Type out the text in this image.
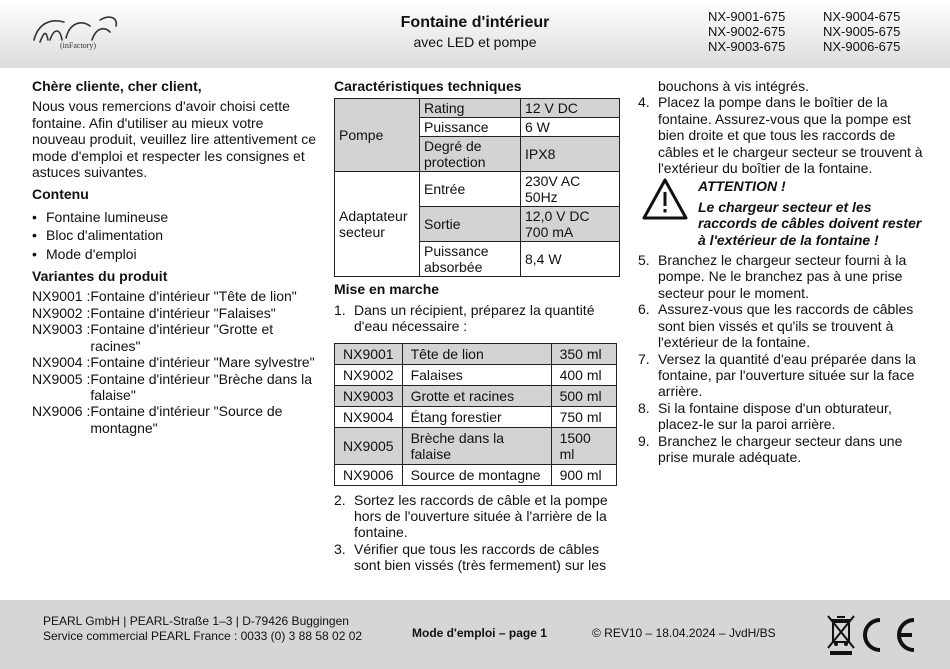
(inFactory)
Fontaine d'intérieur
avec LED et pompe
NX-9001-675	NX-9004-675
NX-9002-675	NX-9005-675
NX-9003-675	NX-9006-675
Chère cliente, cher client,

Nous vous remercions d'avoir choisi cette fontaine. Afin d'utiliser au mieux votre nouveau produit, veuillez lire attentivement ce mode d'emploi et respecter les consignes et astuces suivantes.

Contenu
• Fontaine lumineuse
• Bloc d'alimentation
• Mode d'emploi
Variantes du produit
NX9001 : Fontaine d'intérieur "Tête de lion"
NX9002 : Fontaine d'intérieur "Falaises"
NX9003 : Fontaine d'intérieur "Grotte et racines"
NX9004 : Fontaine d'intérieur "Mare sylvestre"
NX9005 : Fontaine d'intérieur "Brèche dans la falaise"
NX9006 : Fontaine d'intérieur "Source de montagne"
Caractéristiques techniques
Pompe	Rating	12 V DC
	Puissance	6 W
	Degré de protection	IPX8
Adaptateur secteur	Entrée	230V AC 50Hz
	Sortie	12,0 V DC 700 mA
	Puissance absorbée	8,4 W
Mise en marche
1. Dans un récipient, préparez la quantité d'eau nécessaire :
NX9001	Tête de lion	350 ml
NX9002	Falaises	400 ml
NX9003	Grotte et racines	500 ml
NX9004	Étang forestier	750 ml
NX9005	Brèche dans la falaise	1500 ml
NX9006	Source de montagne	900 ml
2. Sortez les raccords de câble et la pompe hors de l'ouverture située à l'arrière de la fontaine.
3. Vérifier que tous les raccords de câbles sont bien vissés (très fermement) sur les
bouchons à vis intégrés.
4. Placez la pompe dans le boîtier de la fontaine. Assurez-vous que la pompe est bien droite et que tous les raccords de câbles et le chargeur secteur se trouvent à l'extérieur du boîtier de la fontaine.
ATTENTION !
Le chargeur secteur et les raccords de câbles doivent rester à l'extérieur de la fontaine !
5. Branchez le chargeur secteur fourni à la pompe. Ne le branchez pas à une prise secteur pour le moment.
6. Assurez-vous que les raccords de câbles sont bien vissés et qu'ils se trouvent à l'extérieur de la fontaine.
7. Versez la quantité d'eau préparée dans la fontaine, par l'ouverture située sur la face arrière.
8. Si la fontaine dispose d'un obturateur, placez-le sur la paroi arrière.
9. Branchez le chargeur secteur dans une prise murale adéquate.
PEARL GmbH | PEARL-Straße 1–3 | D-79426 Buggingen
Service commercial PEARL France : 0033 (0) 3 88 58 02 02	Mode d'emploi – page 1	© REV10 – 18.04.2024 – JvdH/BS
